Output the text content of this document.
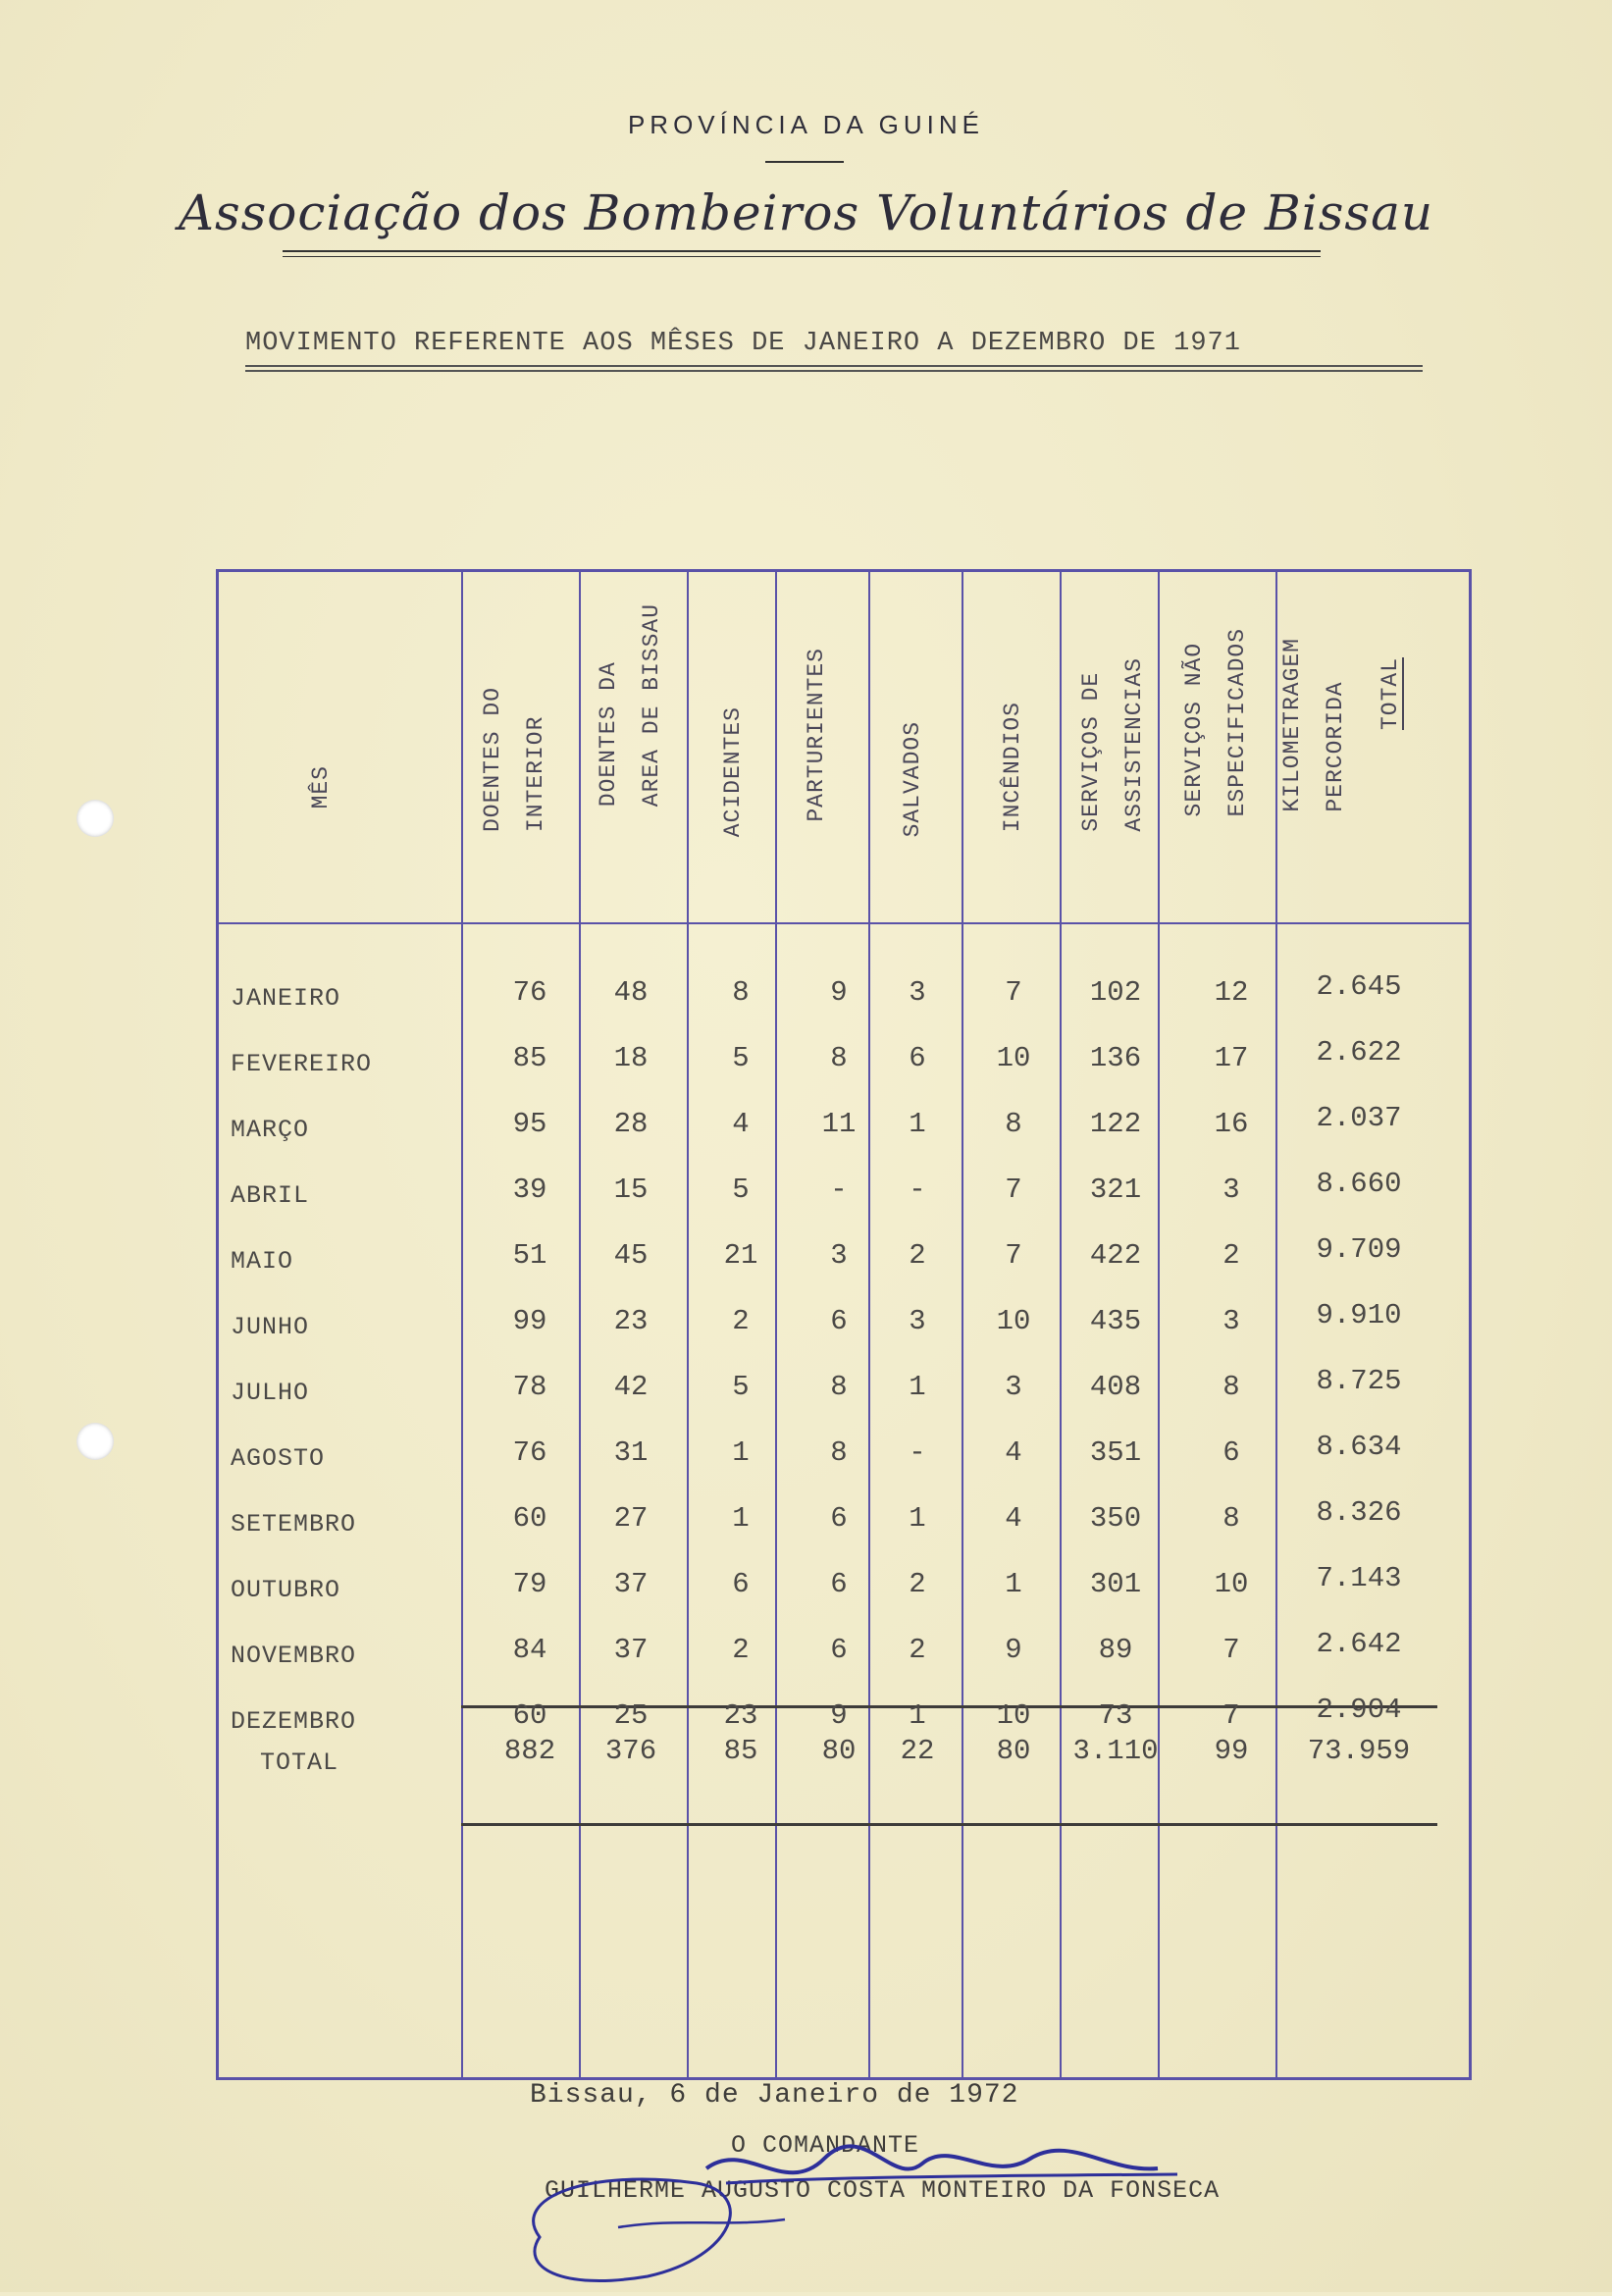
PROVÍNCIA DA GUINÉ
Associação dos Bombeiros Voluntários de Bissau
MOVIMENTO REFERENTE AOS MÊSES DE JANEIRO A DEZEMBRO DE 1971
MÊS	DOENTES DO INTERIOR	DOENTES DA AREA DE BISSAU	ACIDENTES	PARTURIENTES	SALVADOS	INCÊNDIOS	SERVIÇOS DE ASSISTENCIAS	SERVIÇOS NÃO ESPECIFICADOS	KILOMETRAGEM PERCORIDA	TOTAL
JANEIRO	76	48	8	9	3	7	102	12	2.645
FEVEREIRO	85	18	5	8	6	10	136	17	2.622
MARÇO	95	28	4	11	1	8	122	16	2.037
ABRIL	39	15	5	-	-	7	321	3	8.660
MAIO	51	45	21	3	2	7	422	2	9.709
JUNHO	99	23	2	6	3	10	435	3	9.910
JULHO	78	42	5	8	1	3	408	8	8.725
AGOSTO	76	31	1	8	-	4	351	6	8.634
SETEMBRO	60	27	1	6	1	4	350	8	8.326
OUTUBRO	79	37	6	6	2	1	301	10	7.143
NOVEMBRO	84	37	2	6	2	9	89	7	2.642
DEZEMBRO	60	25	23	9	1	10	73	7	2.904
TOTAL	882	376	85	80	22	80	3.110	99	73.959
Bissau, 6 de Janeiro de 1972
O COMANDANTE
GUILHERME AUGUSTO COSTA MONTEIRO DA FONSECA
